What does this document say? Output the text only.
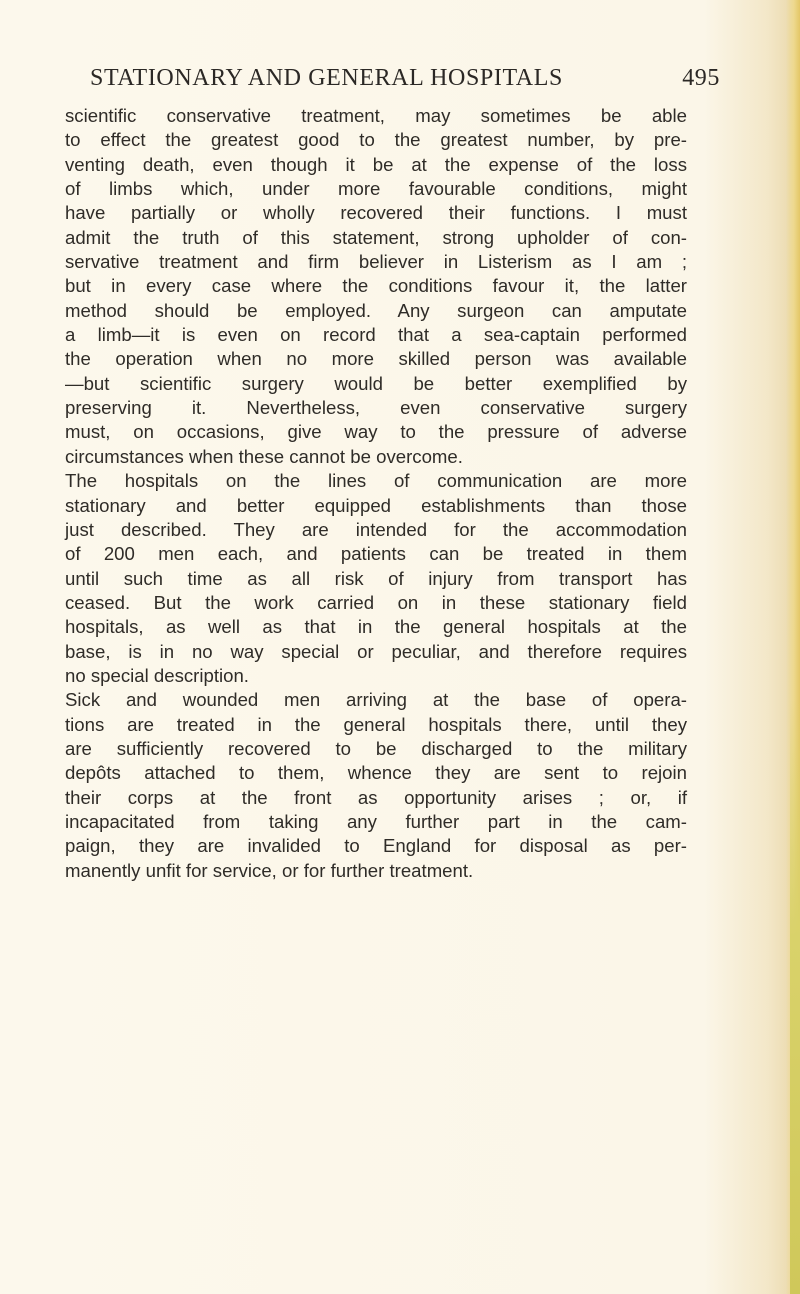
STATIONARY AND GENERAL HOSPITALS	495
scientific conservative treatment, may sometimes be able
to effect the greatest good to the greatest number, by pre-
venting death, even though it be at the expense of the loss
of limbs which, under more favourable conditions, might
have partially or wholly recovered their functions. I must
admit the truth of this statement, strong upholder of con-
servative treatment and firm believer in Listerism as I am ;
but in every case where the conditions favour it, the latter
method should be employed. Any surgeon can amputate
a limb—it is even on record that a sea-captain performed
the operation when no more skilled person was available
—but scientific surgery would be better exemplified by
preserving it. Nevertheless, even conservative surgery
must, on occasions, give way to the pressure of adverse
circumstances when these cannot be overcome.
The hospitals on the lines of communication are more
stationary and better equipped establishments than those
just described. They are intended for the accommodation
of 200 men each, and patients can be treated in them
until such time as all risk of injury from transport has
ceased. But the work carried on in these stationary field
hospitals, as well as that in the general hospitals at the
base, is in no way special or peculiar, and therefore requires
no special description.
Sick and wounded men arriving at the base of opera-
tions are treated in the general hospitals there, until they
are sufficiently recovered to be discharged to the military
depôts attached to them, whence they are sent to rejoin
their corps at the front as opportunity arises ; or, if
incapacitated from taking any further part in the cam-
paign, they are invalided to England for disposal as per-
manently unfit for service, or for further treatment.
